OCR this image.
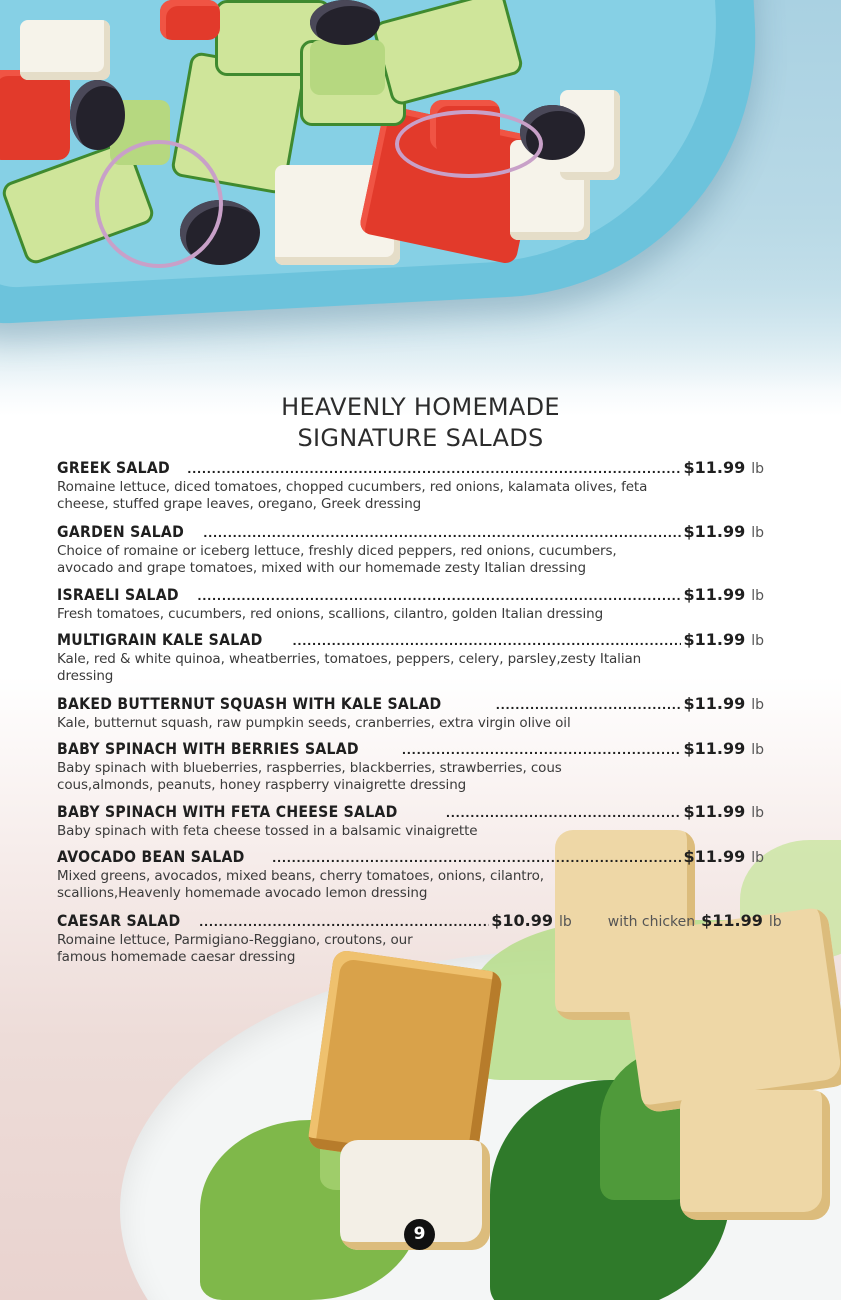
HEAVENLY HOMEMADE
SIGNATURE SALADS
GREEK SALAD .....	$11.99 lb
Romaine lettuce, diced tomatoes, chopped cucumbers, red onions, kalamata olives, feta cheese, stuffed grape leaves, oregano, Greek dressing
GARDEN SALAD .....	$11.99 lb
Choice of romaine or iceberg lettuce, freshly diced peppers, red onions, cucumbers, avocado and grape tomatoes, mixed with our homemade zesty Italian dressing
ISRAELI SALAD .....	$11.99 lb
Fresh tomatoes, cucumbers, red onions, scallions, cilantro, golden Italian dressing
MULTIGRAIN KALE SALAD .....	$11.99 lb
Kale, red & white quinoa, wheatberries, tomatoes, peppers, celery, parsley,zesty Italian dressing
BAKED BUTTERNUT SQUASH WITH KALE SALAD .....	$11.99 lb
Kale, butternut squash, raw pumpkin seeds, cranberries, extra virgin olive oil
BABY SPINACH WITH BERRIES SALAD .....	$11.99 lb
Baby spinach with blueberries, raspberries, blackberries, strawberries, cous cous,almonds, peanuts, honey raspberry vinaigrette dressing
BABY SPINACH WITH FETA CHEESE SALAD .....	$11.99 lb
Baby spinach with feta cheese tossed in a balsamic vinaigrette
AVOCADO BEAN SALAD .....	$11.99 lb
Mixed greens, avocados, mixed beans, cherry tomatoes, onions, cilantro, scallions,Heavenly homemade avocado lemon dressing
CAESAR SALAD .....	$10.99 lb	with chicken $11.99 lb
Romaine lettuce, Parmigiano-Reggiano, croutons, our famous homemade caesar dressing
9
